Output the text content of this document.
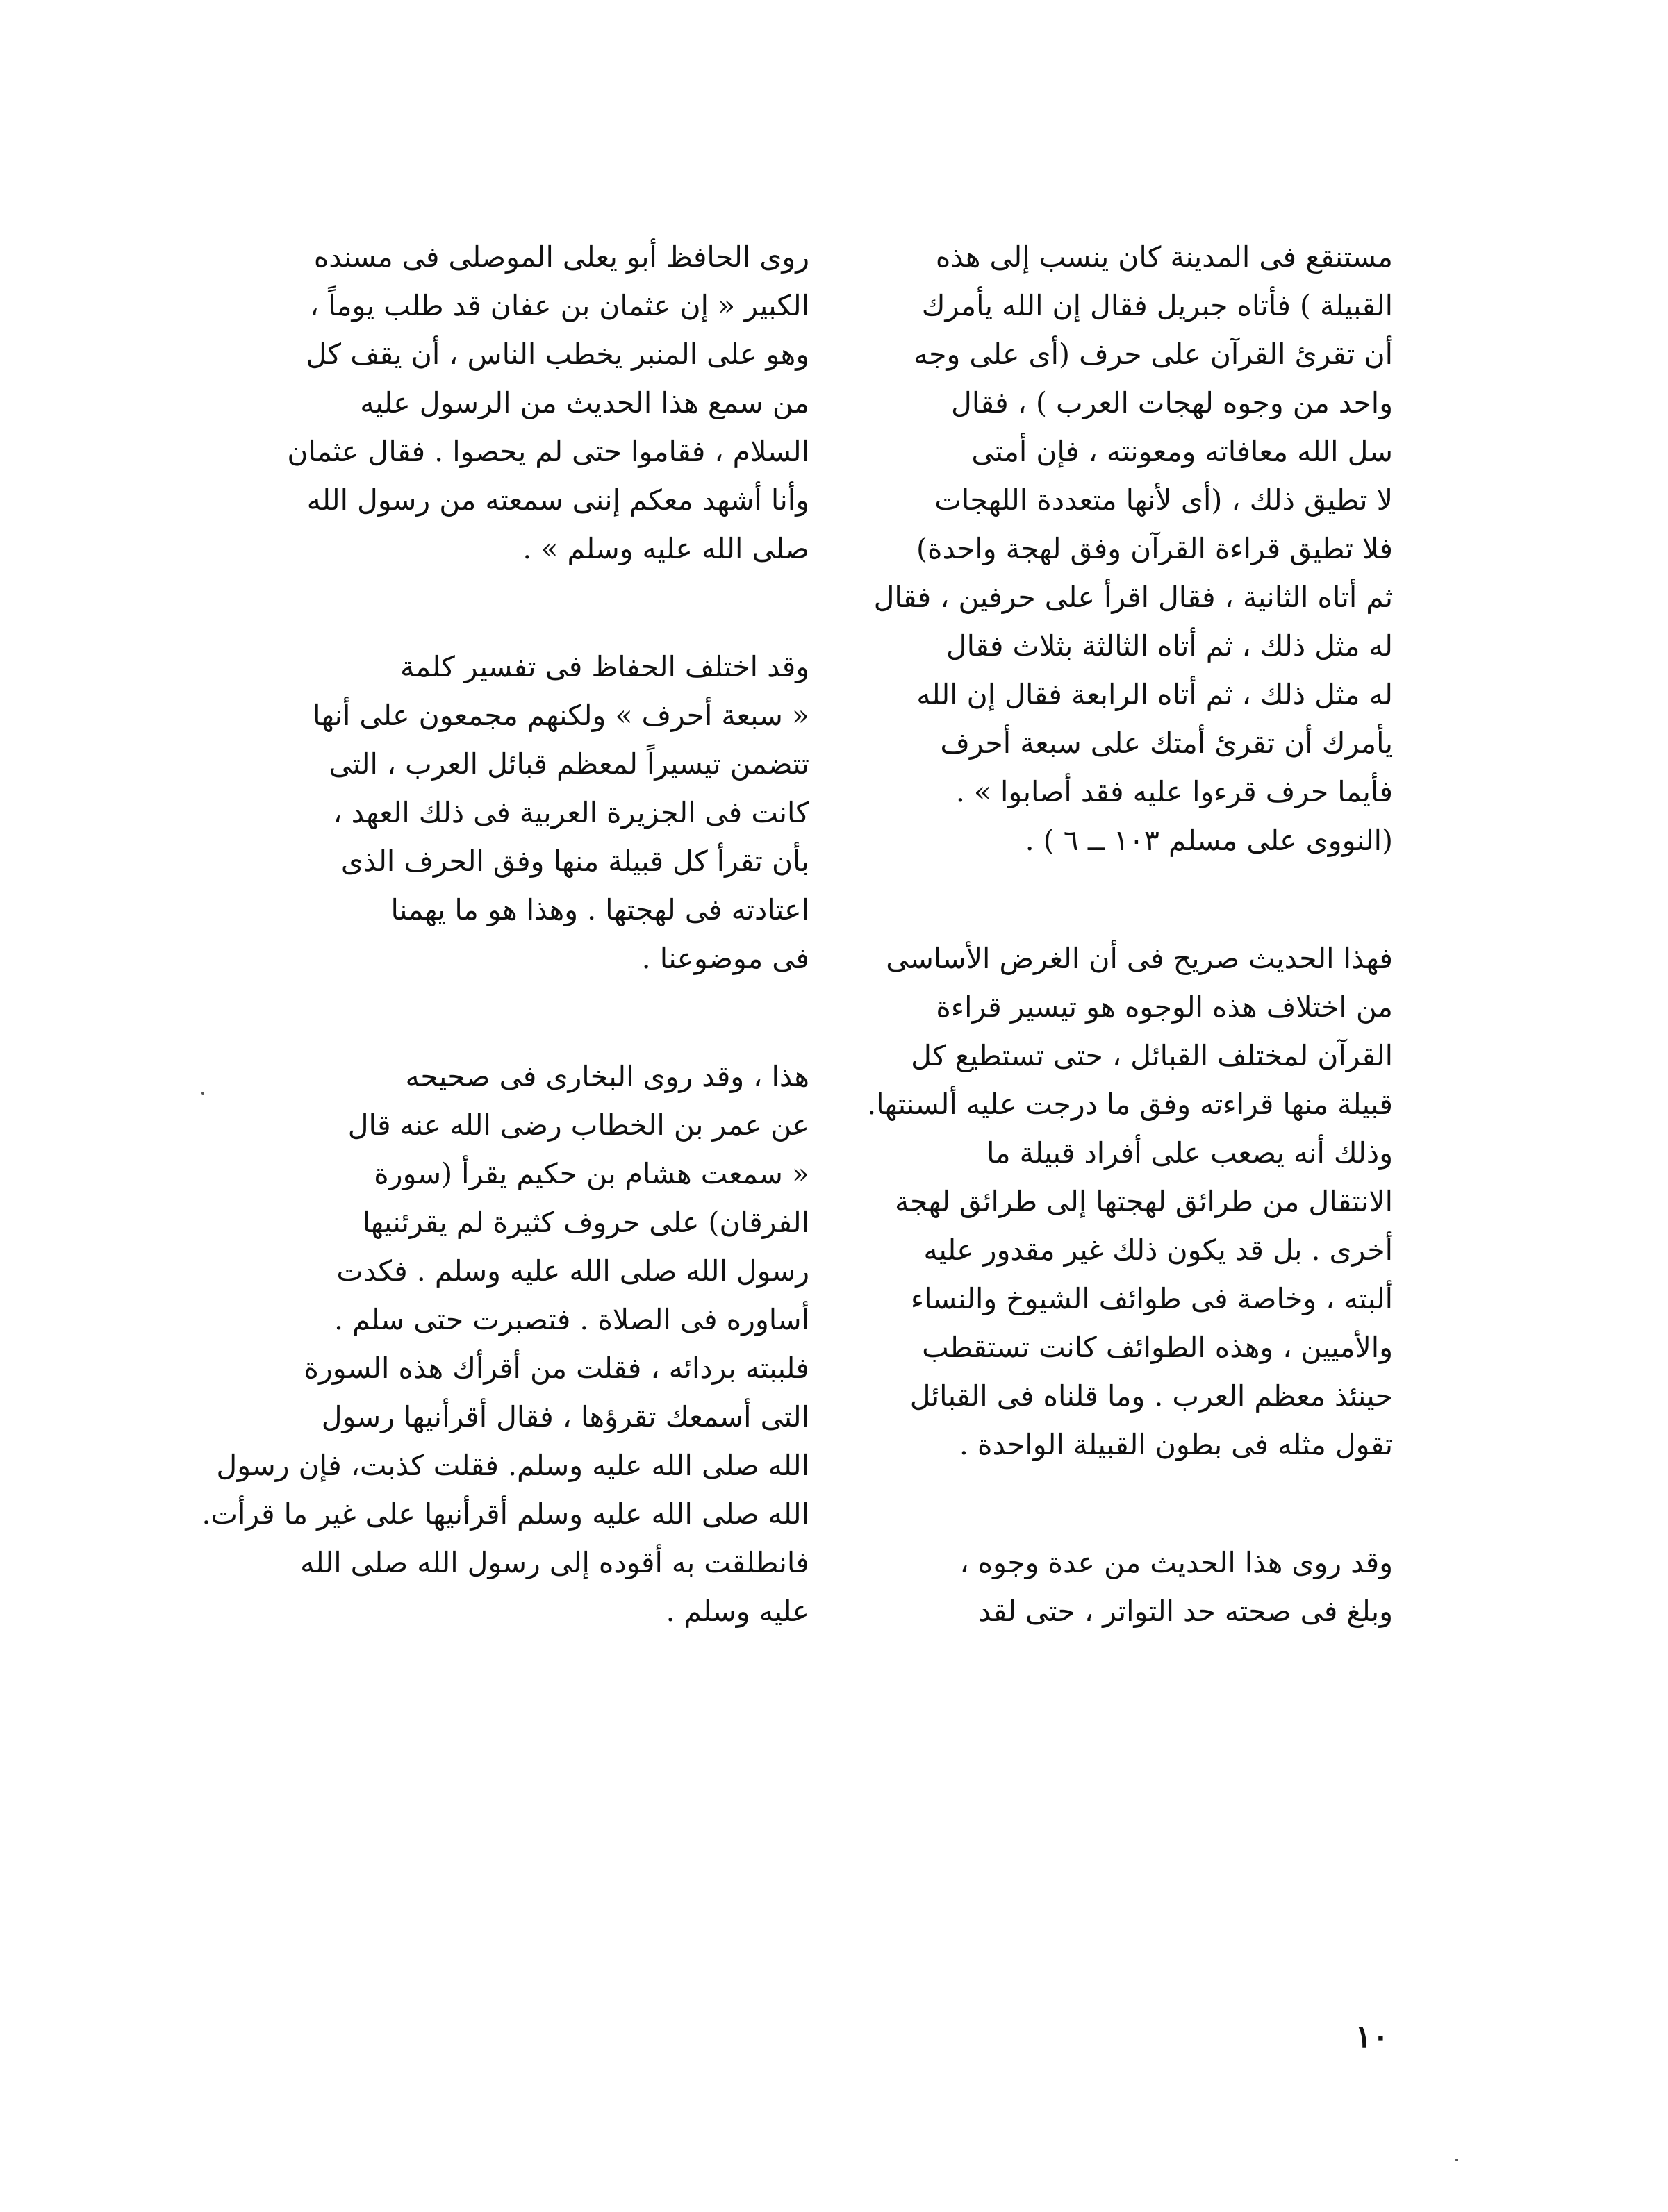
مستنقع فى المدينة كان ينسب إلى هذه
القبيلة ) فأتاه جبريل فقال إن الله يأمرك
أن تقرئ القرآن على حرف (أى على وجه
واحد من وجوه لهجات العرب ) ، فقال
سل الله معافاته ومعونته ، فإن أمتى
لا تطيق ذلك ، (أى لأنها متعددة اللهجات
فلا تطيق قراءة القرآن وفق لهجة واحدة)
ثم أتاه الثانية ، فقال اقرأ على حرفين ، فقال
له مثل ذلك ، ثم أتاه الثالثة بثلاث فقال
له مثل ذلك ، ثم أتاه الرابعة فقال إن الله
يأمرك أن تقرئ أمتك على سبعة أحرف
فأيما حرف قرءوا عليه فقد أصابوا » .
(النووى على مسلم ١٠٣ ــ ٦ ) .
فهذا الحديث صريح فى أن الغرض الأساسى
من اختلاف هذه الوجوه هو تيسير قراءة
القرآن لمختلف القبائل ، حتى تستطيع كل
قبيلة منها قراءته وفق ما درجت عليه ألسنتها.
وذلك أنه يصعب على أفراد قبيلة ما
الانتقال من طرائق لهجتها إلى طرائق لهجة
أخرى . بل قد يكون ذلك غير مقدور عليه
ألبته ، وخاصة فى طوائف الشيوخ والنساء
والأميين ، وهذه الطوائف كانت تستقطب
حينئذ معظم العرب . وما قلناه فى القبائل
تقول مثله فى بطون القبيلة الواحدة .
وقد روى هذا الحديث من عدة وجوه ،
وبلغ فى صحته حد التواتر ، حتى لقد
روى الحافظ أبو يعلى الموصلى فى مسنده
الكبير « إن عثمان بن عفان قد طلب يوماً ،
وهو على المنبر يخطب الناس ، أن يقف كل
من سمع هذا الحديث من الرسول عليه
السلام ، فقاموا حتى لم يحصوا . فقال عثمان
وأنا أشهد معكم إننى سمعته من رسول الله
صلى الله عليه وسلم » .
وقد اختلف الحفاظ فى تفسير كلمة
« سبعة أحرف » ولكنهم مجمعون على أنها
تتضمن تيسيراً لمعظم قبائل العرب ، التى
كانت فى الجزيرة العربية فى ذلك العهد ،
بأن تقرأ كل قبيلة منها وفق الحرف الذى
اعتادته فى لهجتها . وهذا هو ما يهمنا
فى موضوعنا .
هذا ، وقد روى البخارى فى صحيحه
عن عمر بن الخطاب رضى الله عنه قال
« سمعت هشام بن حكيم يقرأ (سورة
الفرقان) على حروف كثيرة لم يقرئنيها
رسول الله صلى الله عليه وسلم . فكدت
أساوره فى الصلاة . فتصبرت حتى سلم .
فلببته بردائه ، فقلت من أقرأك هذه السورة
التى أسمعك تقرؤها ، فقال أقرأنيها رسول
الله صلى الله عليه وسلم. فقلت كذبت، فإن رسول
الله صلى الله عليه وسلم أقرأنيها على غير ما قرأت.
فانطلقت به أقوده إلى رسول الله صلى الله
عليه وسلم .
١٠
